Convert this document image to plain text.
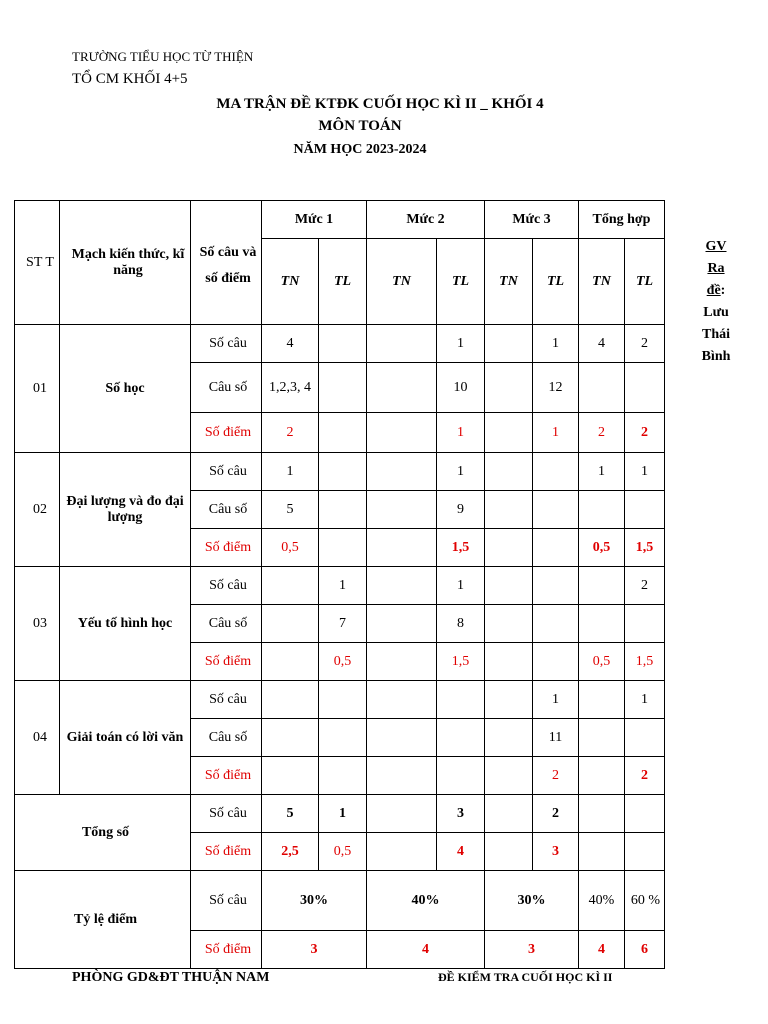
TRƯỜNG TIỂU HỌC TỪ THIỆN
TỔ CM KHỐI 4+5
MA TRẬN ĐỀ KTĐK CUỐI HỌC KÌ II _ KHỐI 4
MÔN TOÁN
NĂM HỌC 2023-2024
ST T	Mạch kiến thức, kĩ năng	Số câu và số điểm	Mức 1		Mức 2		Mức 3		Tổng hợp	
			TN	TL	TN	TL	TN	TL	TN	TL
01	Số học	Số câu	4			1		1	4	2
		Câu số	1,2,3, 4			10		12		
		Số điểm	2			1		1	2	2
02	Đại lượng và đo đại lượng	Số câu	1			1			1	1
		Câu số	5			9				
		Số điểm	0,5			1,5			0,5	1,5
03	Yếu tố hình học	Số câu		1		1				2
		Câu số		7		8				
		Số điểm		0,5		1,5			0,5	1,5
04	Giải toán có lời văn	Số câu						1		1
		Câu số						11		
		Số điểm						2		2
Tổng số		Số câu	5	1		3		2		
		Số điểm	2,5	0,5		4		3		
Tỷ lệ điểm		Số câu	30%		40%		30%		40%	60 %
		Số điểm	3		4		3		4	6
GV
Ra
đề:
Lưu
Thái
Bình
PHÒNG GD&ĐT THUẬN NAM	ĐỀ KIỂM TRA CUỐI HỌC KÌ II
